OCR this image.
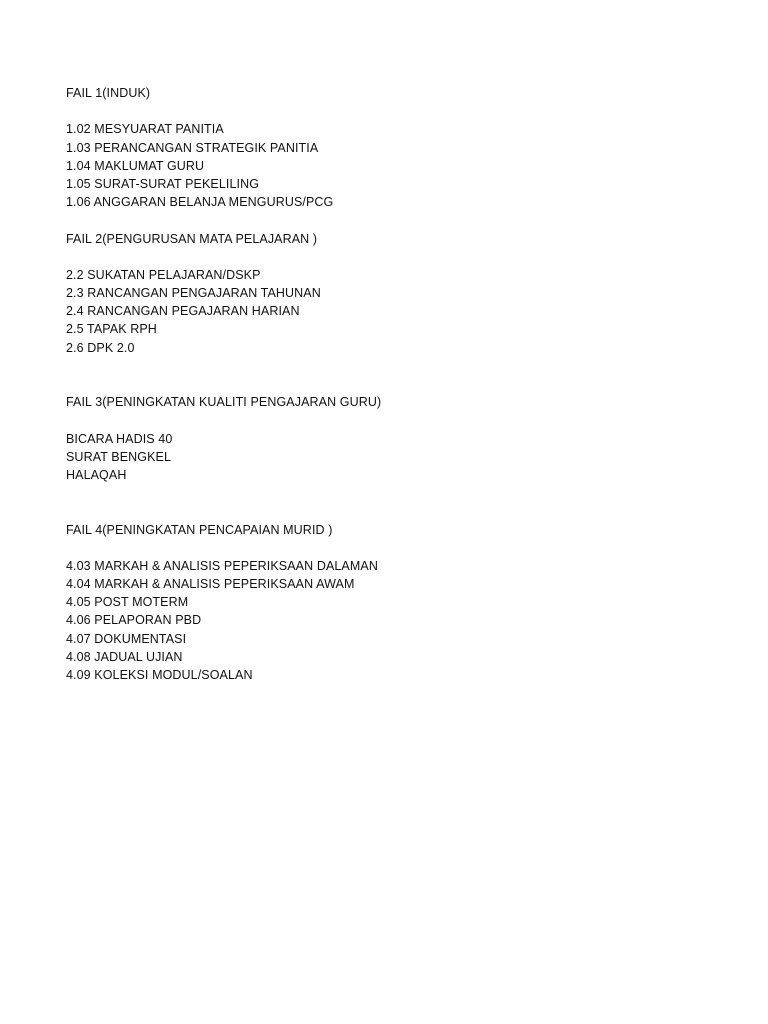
FAIL 1(INDUK)
1.02 MESYUARAT PANITIA
1.03 PERANCANGAN STRATEGIK PANITIA
1.04 MAKLUMAT GURU
1.05 SURAT-SURAT PEKELILING
1.06 ANGGARAN BELANJA MENGURUS/PCG
FAIL 2(PENGURUSAN MATA PELAJARAN )
2.2 SUKATAN PELAJARAN/DSKP
2.3 RANCANGAN PENGAJARAN TAHUNAN
2.4 RANCANGAN PEGAJARAN HARIAN
2.5 TAPAK RPH
2.6 DPK 2.0
FAIL 3(PENINGKATAN KUALITI PENGAJARAN GURU)
BICARA HADIS 40
SURAT BENGKEL
HALAQAH
FAIL 4(PENINGKATAN PENCAPAIAN MURID )
4.03 MARKAH & ANALISIS PEPERIKSAAN DALAMAN
4.04 MARKAH & ANALISIS PEPERIKSAAN AWAM
4.05 POST MOTERM
4.06 PELAPORAN PBD
4.07 DOKUMENTASI
4.08 JADUAL UJIAN
4.09 KOLEKSI MODUL/SOALAN
